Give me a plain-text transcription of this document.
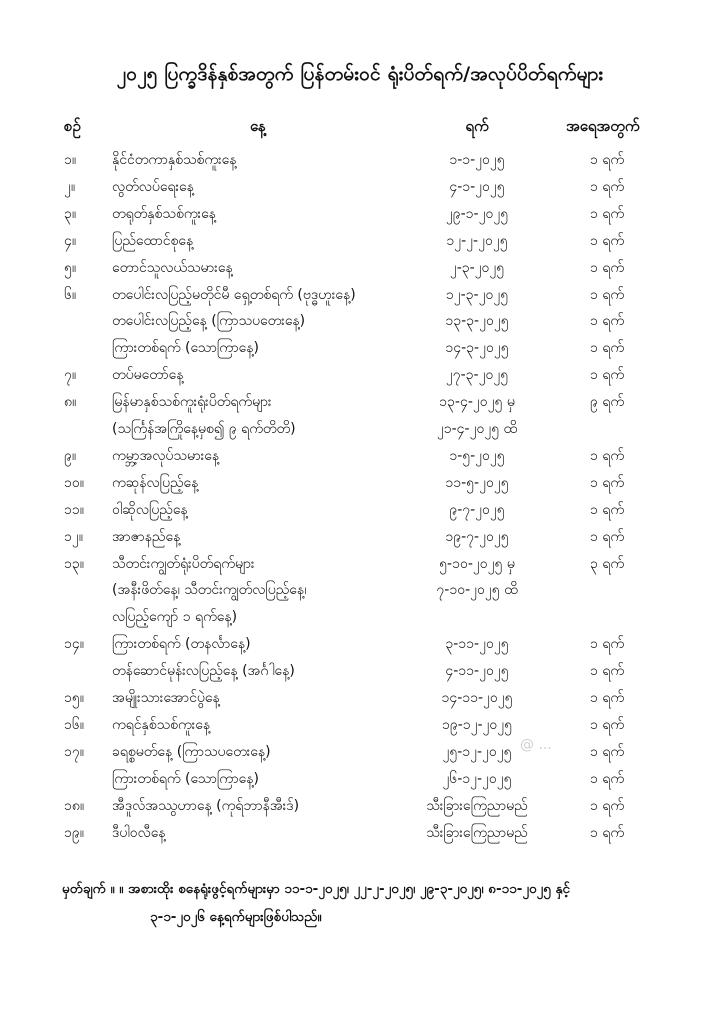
၂၀၂၅ ပြက္ခဒိန်နှစ်အတွက် ပြန်တမ်းဝင် ရုံးပိတ်ရက်/အလုပ်ပိတ်ရက်များ
စဉ်	နေ့	ရက်	အရေအတွက်
၁။	နိုင်ငံတကာနှစ်သစ်ကူးနေ့	၁-၁-၂၀၂၅	၁ ရက်
၂။	လွတ်လပ်ရေးနေ့	၄-၁-၂၀၂၅	၁ ရက်
၃။	တရုတ်နှစ်သစ်ကူးနေ့	၂၉-၁-၂၀၂၅	၁ ရက်
၄။	ပြည်ထောင်စုနေ့	၁၂-၂-၂၀၂၅	၁ ရက်
၅။	တောင်သူလယ်သမားနေ့	၂-၃-၂၀၂၅	၁ ရက်
၆။	တပေါင်းလပြည့်မတိုင်မီ ရှေ့တစ်ရက် (ဗုဒ္ဓဟူးနေ့)	၁၂-၃-၂၀၂၅	၁ ရက်
တပေါင်းလပြည့်နေ့ (ကြာသပတေးနေ့)	၁၃-၃-၂၀၂၅	၁ ရက်
ကြားတစ်ရက် (သောကြာနေ့)	၁၄-၃-၂၀၂၅	၁ ရက်
၇။	တပ်မတော်နေ့	၂၇-၃-၂၀၂၅	၁ ရက်
၈။	မြန်မာနှစ်သစ်ကူးရုံးပိတ်ရက်များ	၁၃-၄-၂၀၂၅ မှ	၉ ရက်
(သင်္ကြန်အကြိုနေ့မှစ၍ ၉ ရက်တိတိ)	၂၁-၄-၂၀၂၅ ထိ
၉။	ကမ္ဘာ့အလုပ်သမားနေ့	၁-၅-၂၀၂၅	၁ ရက်
၁၀။ ကဆုန်လပြည့်နေ့	၁၁-၅-၂၀၂၅	၁ ရက်
၁၁။ ဝါဆိုလပြည့်နေ့	၉-၇-၂၀၂၅	၁ ရက်
၁၂။ အာဇာနည်နေ့	၁၉-၇-၂၀၂၅	၁ ရက်
၁၃။ သီတင်းကျွတ်ရုံးပိတ်ရက်များ	၅-၁၀-၂၀၂၅ မှ	၃ ရက်
(အနီးဖိတ်နေ့၊ သီတင်းကျွတ်လပြည့်နေ့၊	၇-၁၀-၂၀၂၅ ထိ
လပြည့်ကျော် ၁ ရက်နေ့)
၁၄။ ကြားတစ်ရက် (တနင်္လာနေ့)	၃-၁၁-၂၀၂၅	၁ ရက်
တန်ဆောင်မုန်းလပြည့်နေ့ (အင်္ဂါနေ့)	၄-၁၁-၂၀၂၅	၁ ရက်
၁၅။ အမျိုးသားအောင်ပွဲနေ့	၁၄-၁၁-၂၀၂၅	၁ ရက်
၁၆။ ကရင်နှစ်သစ်ကူးနေ့	၁၉-၁၂-၂၀၂၅	၁ ရက်
၁၇။ ခရစ္စမတ်နေ့ (ကြာသပတေးနေ့)	၂၅-၁၂-၂၀၂၅	၁ ရက်
ကြားတစ်ရက် (သောကြာနေ့)	၂၆-၁၂-၂၀၂၅	၁ ရက်
၁၈။ အီဒူလ်အဿွဟာနေ့ (ကုရ်ဘာနီအီးဒ်)	သီးခြားကြေညာမည်	၁ ရက်
၁၉။ ဒီပါဝလီနေ့	သီးခြားကြေညာမည်	၁ ရက်
မှတ်ချက် ။ ။ အစားထိုး စနေရုံးဖွင့်ရက်များမှာ ၁၁-၁-၂၀၂၅၊ ၂၂-၂-၂၀၂၅၊ ၂၉-၃-၂၀၂၅၊ ၈-၁၁-၂၀၂၅ နှင့်
၃-၁-၂၀၂၆ နေ့ရက်များဖြစ်ပါသည်။
@ ...
